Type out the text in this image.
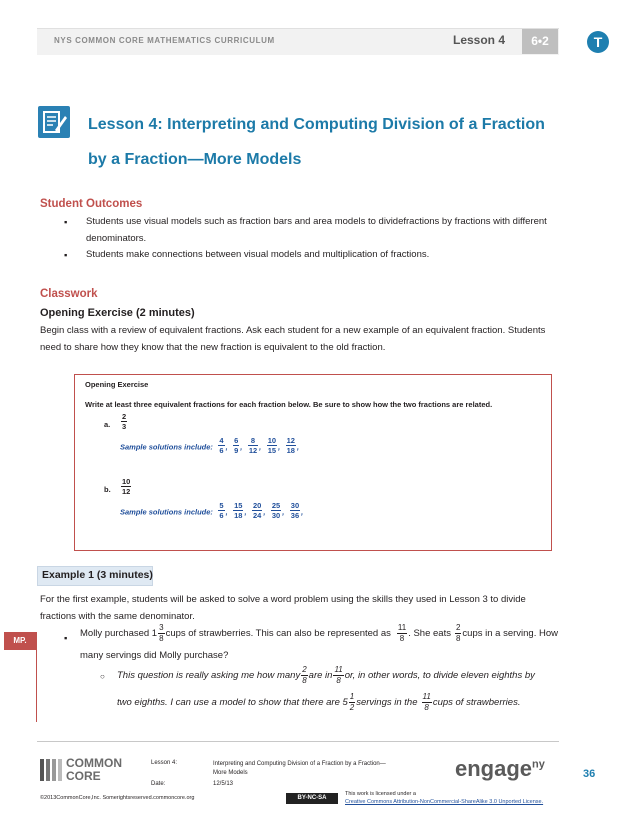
NYS COMMON CORE MATHEMATICS CURRICULUM	Lesson 4	6•2	T
Lesson 4: Interpreting and Computing Division of a Fraction
by a Fraction—More Models
Student Outcomes
▪ Students use visual models such as fraction bars and area models to dividefractions by fractions with different
denominators.
▪ Students make connections between visual models and multiplication of fractions.
Classwork
Opening Exercise (2 minutes)
Begin class with a review of equivalent fractions. Ask each student for a new example of an equivalent fraction. Students
need to share how they know that the new fraction is equivalent to the old fraction.
Opening Exercise
Write at least three equivalent fractions for each fraction below. Be sure to show how the two fractions are related.
a. $\frac{2}{3}$
Sample solutions include: $\frac{4}{6}$ , $\frac{6}{9}$ , $\frac{8}{12}$ , $\frac{10}{15}$ , $\frac{12}{18}$ ,
b. $\frac{10}{12}$
Sample solutions include: $\frac{5}{6}$ , $\frac{15}{18}$ , $\frac{20}{24}$ , $\frac{25}{30}$ , $\frac{30}{36}$ ,
Example 1 (3 minutes)
For the first example, students will be asked to solve a word problem using the skills they used in Lesson 3 to divide
fractions with the same denominator.
MP.	▪ Molly purchased $1 \frac{3}{8}$ cups of strawberries. This can also be represented as $\frac{11}{8}$ . She eats $\frac{2}{8}$ cups in a serving. How
many servings did Molly purchase?
○ This question is really asking me how many $\frac{2}{8}$ are in $\frac{11}{8}$ or, in other words, to divide eleven eighths by
two eighths. I can use a model to show that there are $5 \frac{1}{2}$ servings in the $\frac{11}{8}$ cups of strawberries.
COMMON
CORE
Lesson 4:	Interpreting and Computing Division of a Fraction by a Fraction—
More Models
Date:	12/5/13
©2013CommonCore,Inc. Somerightsreserved.commoncore.org	BY-NC-SA
This work is licensed under a
Creative Commons Attribution-NonCommercial-ShareAlike 3.0 Unported License.
engage$^{ny}$
36
